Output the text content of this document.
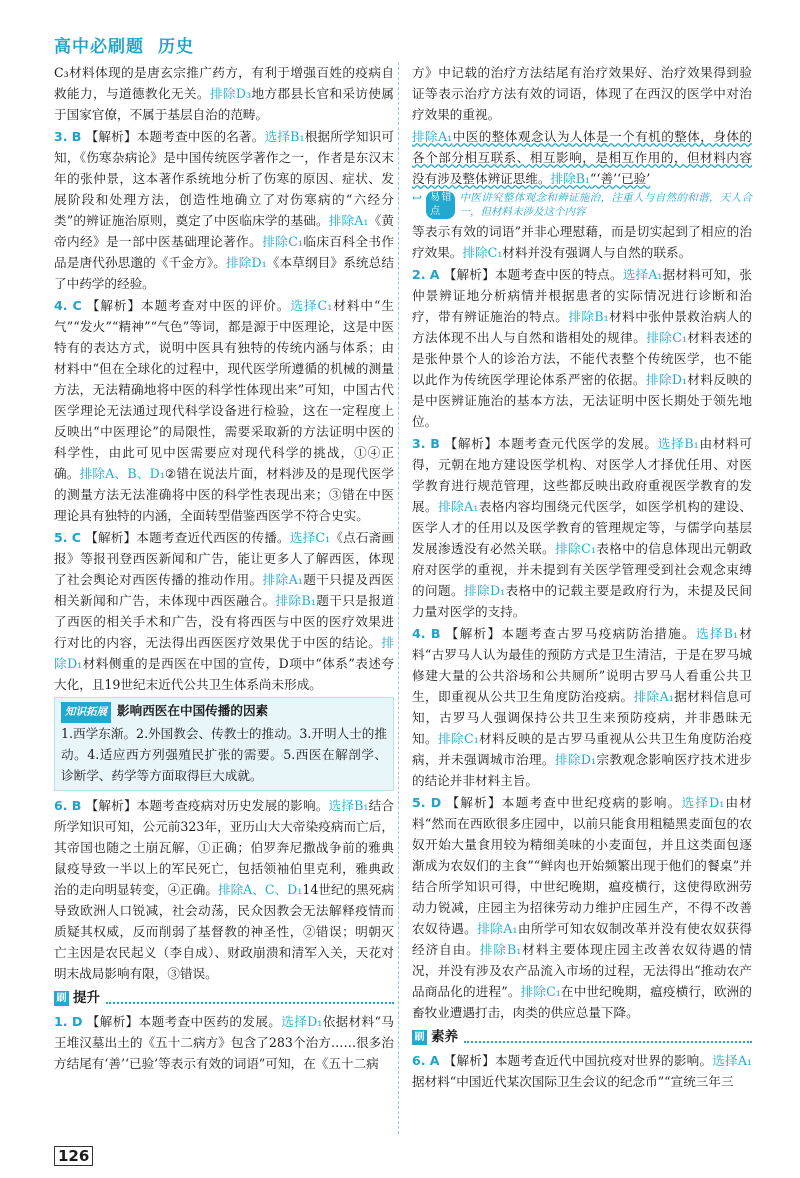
高中必刷题 历史

C₃材料体现的是唐玄宗推广药方，有利于增强百姓的疫病自救能力，与道德教化无关。排除D₃地方郡县长官和采访使属于国家官僚，不属于基层自治的范畴。

3. B 【解析】本题考查中医的名著。选择B₁根据所学知识可知，《伤寒杂病论》是中国传统医学著作之一，作者是东汉末年的张仲景，这本著作系统地分析了伤寒的原因、症状、发展阶段和处理方法，创造性地确立了对伤寒病的“六经分类”的辨证施治原则，奠定了中医临床学的基础。排除A₁《黄帝内经》是一部中医基础理论著作。排除C₁临床百科全书作品是唐代孙思邈的《千金方》。排除D₁《本草纲目》系统总结了中药学的经验。

4. C 【解析】本题考查对中医的评价。选择C₁材料中“生气”“发火”“精神”“气色”等词，都是源于中医理论，这是中医特有的表达方式，说明中医具有独特的传统内涵与体系；由材料中“但在全球化的过程中，现代医学所遵循的机械的测量方法，无法精确地将中医的科学性体现出来”可知，中国古代医学理论无法通过现代科学设备进行检验，这在一定程度上反映出“中医理论”的局限性，需要采取新的方法证明中医的科学性，由此可见中医需要应对现代科学的挑战，①④正确。排除A、B、D₁②错在说法片面，材料涉及的是现代医学的测量方法无法准确将中医的科学性表现出来；③错在中医理论具有独特的内涵，全面转型借鉴西医学不符合史实。

5. C 【解析】本题考查近代西医的传播。选择C₁《点石斋画报》等报刊登西医新闻和广告，能让更多人了解西医，体现了社会舆论对西医传播的推动作用。排除A₁题干只提及西医相关新闻和广告，未体现中西医融合。排除B₁题干只是报道了西医的相关手术和广告，没有将西医与中医的医疗效果进行对比的内容，无法得出西医医疗效果优于中医的结论。排除D₁材料侧重的是西医在中国的宣传，D项中“体系”表述夸大化，且19世纪末近代公共卫生体系尚未形成。

知识拓展 影响西医在中国传播的因素
1.西学东渐。2.外国教会、传教士的推动。3.开明人士的推动。4.适应西方列强殖民扩张的需要。5.西医在解剖学、诊断学、药学等方面取得巨大成就。

6. B 【解析】本题考查疫病对历史发展的影响。选择B₁结合所学知识可知，公元前323年，亚历山大大帝染疫病而亡后，其帝国也随之土崩瓦解，①正确；伯罗奔尼撒战争前的雅典鼠疫导致一半以上的军民死亡，包括领袖伯里克利，雅典政治的走向明显转变，④正确。排除A、C、D₁14世纪的黑死病导致欧洲人口锐减，社会动荡，民众因教会无法解释疫情而质疑其权威，反而削弱了基督教的神圣性，②错误；明朝灭亡主因是农民起义（李自成）、财政崩溃和清军入关，天花对明末战局影响有限，③错误。

刷 提升

1. D 【解析】本题考查中医药的发展。选择D₁依据材料“马王堆汉墓出土的《五十二病方》包含了283个治方……很多治方结尾有‘善’‘已验’等表示有效的词语”可知，在《五十二病

方》中记载的治疗方法结尾有治疗效果好、治疗效果得到验证等表示治疗方法有效的词语，体现了在西汉的医学中对治疗效果的重视。

排除A₁中医的整体观念认为人体是一个有机的整体，身体的各个部分相互联系、相互影响，是相互作用的，但材料内容没有涉及整体辨证思维。排除B₁“‘善’‘已验’

↩ 易错点
中医讲究整体观念和辨证施治，注重人与自然的和谐，天人合一，但材料未涉及这个内容

等表示有效的词语”并非心理慰藉，而是切实起到了相应的治疗效果。排除C₁材料并没有强调人与自然的联系。

2. A 【解析】本题考查中医的特点。选择A₁据材料可知，张仲景辨证地分析病情并根据患者的实际情况进行诊断和治疗，带有辨证施治的特点。排除B₁材料中张仲景救治病人的方法体现不出人与自然和谐相处的规律。排除C₁材料表述的是张仲景个人的诊治方法，不能代表整个传统医学，也不能以此作为传统医学理论体系严密的依据。排除D₁材料反映的是中医辨证施治的基本方法，无法证明中医长期处于领先地位。

3. B 【解析】本题考查元代医学的发展。选择B₁由材料可得，元朝在地方建设医学机构、对医学人才择优任用、对医学教育进行规范管理，这些都反映出政府重视医学教育的发展。排除A₁表格内容均围绕元代医学，如医学机构的建设、医学人才的任用以及医学教育的管理规定等，与儒学向基层发展渗透没有必然关联。排除C₁表格中的信息体现出元朝政府对医学的重视，并未提到有关医学管理受到社会观念束缚的问题。排除D₁表格中的记载主要是政府行为，未提及民间力量对医学的支持。

4. B 【解析】本题考查古罗马疫病防治措施。选择B₁材料“古罗马人认为最佳的预防方式是卫生清洁，于是在罗马城修建大量的公共浴场和公共厕所”说明古罗马人看重公共卫生，即重视从公共卫生角度防治疫病。排除A₁据材料信息可知，古罗马人强调保持公共卫生来预防疫病，并非愚昧无知。排除C₁材料反映的是古罗马重视从公共卫生角度防治疫病，并未强调城市治理。排除D₁宗教观念影响医疗技术进步的结论并非材料主旨。

5. D 【解析】本题考查中世纪疫病的影响。选择D₁由材料“然而在西欧很多庄园中，以前只能食用粗糙黑麦面包的农奴开始大量食用较为精细美味的小麦面包，并且这类面包逐渐成为农奴们的主食”“鲜肉也开始频繁出现于他们的餐桌”并结合所学知识可得，中世纪晚期，瘟疫横行，这使得欧洲劳动力锐减，庄园主为招徕劳动力维护庄园生产，不得不改善农奴待遇。排除A₁由所学可知农奴制改革并没有使农奴获得经济自由。排除B₁材料主要体现庄园主改善农奴待遇的情况，并没有涉及农产品流入市场的过程，无法得出“推动农产品商品化的进程”。排除C₁在中世纪晚期，瘟疫横行，欧洲的畜牧业遭遇打击，肉类的供应总量下降。

刷 素养

6. A 【解析】本题考查近代中国抗疫对世界的影响。选择A₁据材料“中国近代某次国际卫生会议的纪念币”“宣统三年三

126
